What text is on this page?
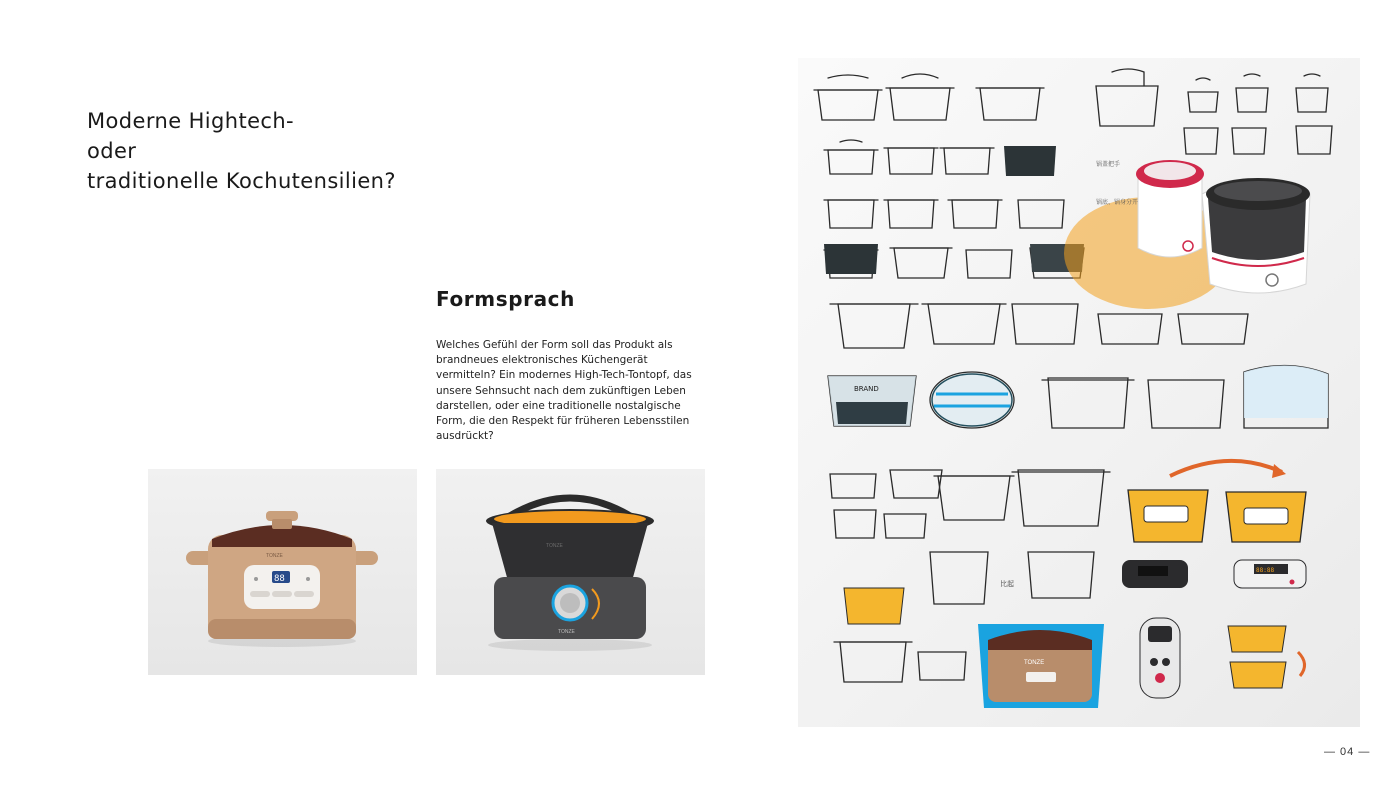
Moderne Hightech-
oder
traditionelle Kochutensilien?
Formsprach

Welches Gefühl der Form soll das Produkt als brandneues elektronisches Küchengerät vermitteln? Ein modernes High-Tech-Tontopf, das unsere Sehnsucht nach dem zukünftigen Leben darstellen, oder eine traditionelle nostalgische Form, die den Respekt für früheren Lebensstilen ausdrückt?

TONZE
88
TONZE
TONZE
BRAND
锅盖把手
锅底、锅身分开
比起
88:88
TONZE
— 04 —
